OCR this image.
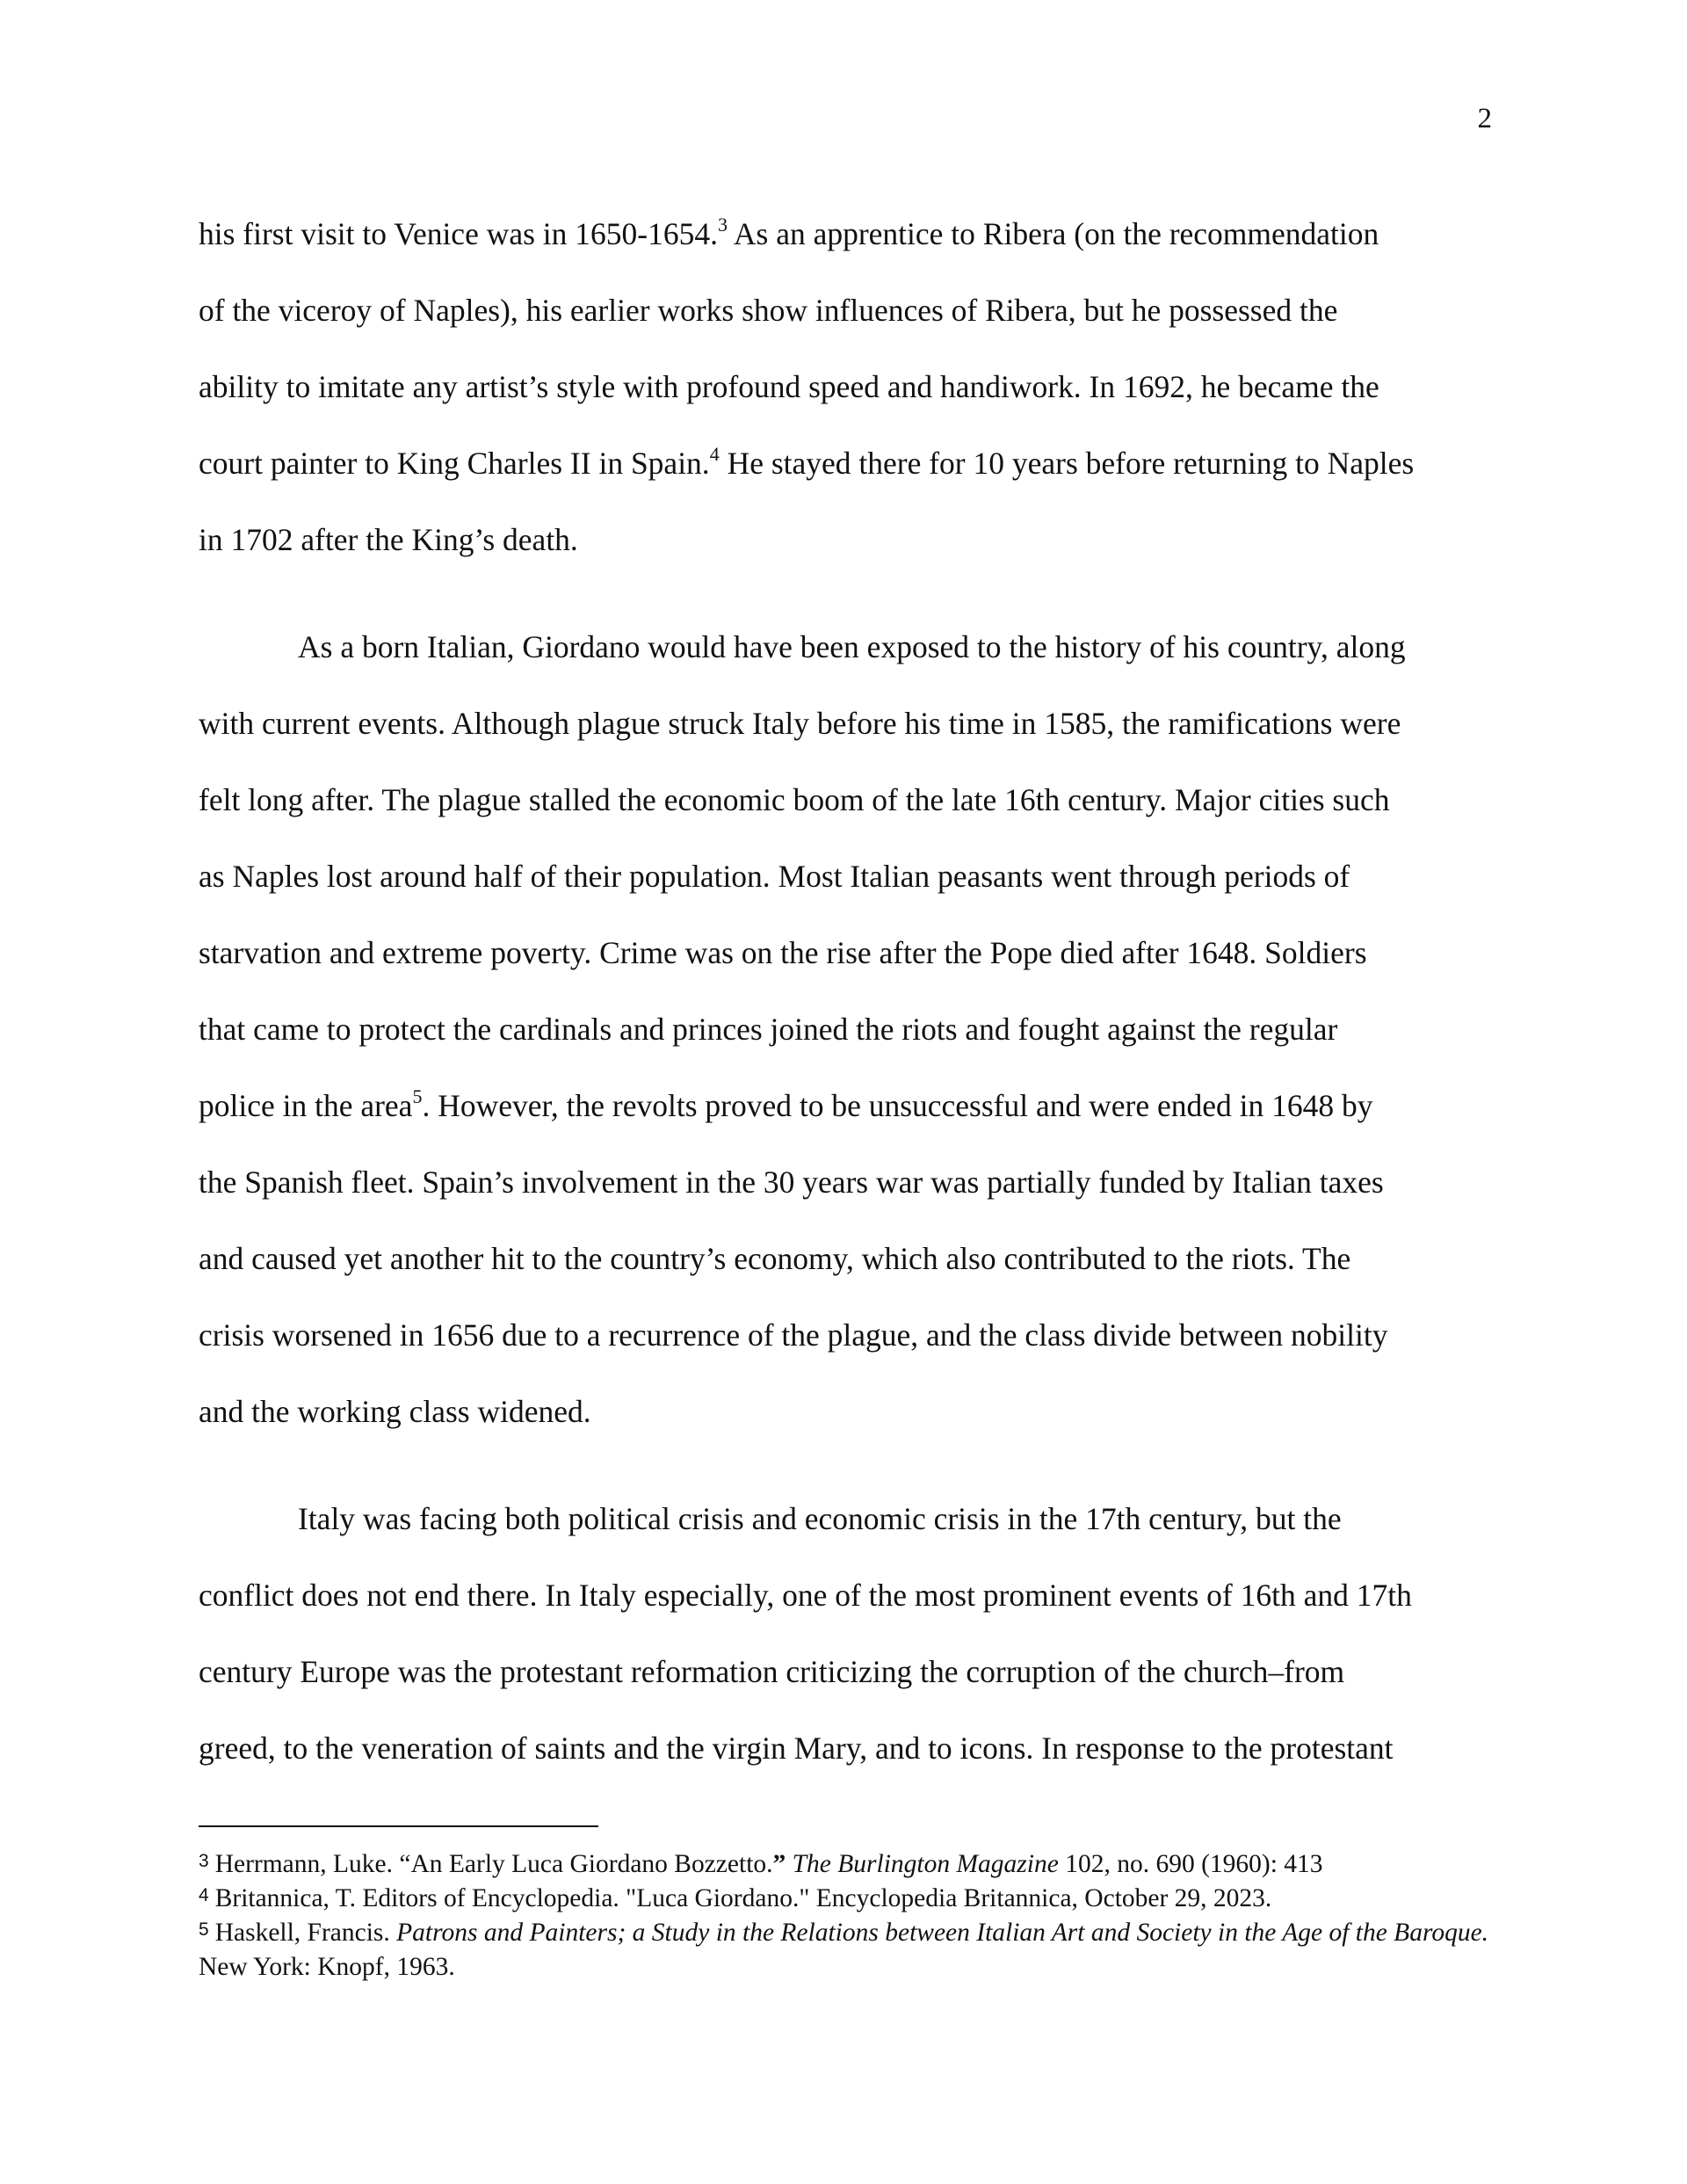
2
his first visit to Venice was in 1650-1654.$^3$ As an apprentice to Ribera (on the recommendation
of the viceroy of Naples), his earlier works show influences of Ribera, but he possessed the
ability to imitate any artist’s style with profound speed and handiwork. In 1692, he became the
court painter to King Charles II in Spain.$^4$ He stayed there for 10 years before returning to Naples
in 1702 after the King’s death.
As a born Italian, Giordano would have been exposed to the history of his country, along
with current events. Although plague struck Italy before his time in 1585, the ramifications were
felt long after. The plague stalled the economic boom of the late 16th century. Major cities such
as Naples lost around half of their population. Most Italian peasants went through periods of
starvation and extreme poverty. Crime was on the rise after the Pope died after 1648. Soldiers
that came to protect the cardinals and princes joined the riots and fought against the regular
police in the area$^5$. However, the revolts proved to be unsuccessful and were ended in 1648 by
the Spanish fleet. Spain’s involvement in the 30 years war was partially funded by Italian taxes
and caused yet another hit to the country’s economy, which also contributed to the riots. The
crisis worsened in 1656 due to a recurrence of the plague, and the class divide between nobility
and the working class widened.
Italy was facing both political crisis and economic crisis in the 17th century, but the
conflict does not end there. In Italy especially, one of the most prominent events of 16th and 17th
century Europe was the protestant reformation criticizing the corruption of the church–from
greed, to the veneration of saints and the virgin Mary, and to icons. In response to the protestant

$^3$ Herrmann, Luke. “An Early Luca Giordano Bozzetto.” The Burlington Magazine 102, no. 690 (1960): 413

$^4$ Britannica, T. Editors of Encyclopedia. "Luca Giordano." Encyclopedia Britannica, October 29, 2023.

$^5$ Haskell, Francis. Patrons and Painters; a Study in the Relations between Italian Art and Society in the Age of the Baroque. New York: Knopf, 1963.
